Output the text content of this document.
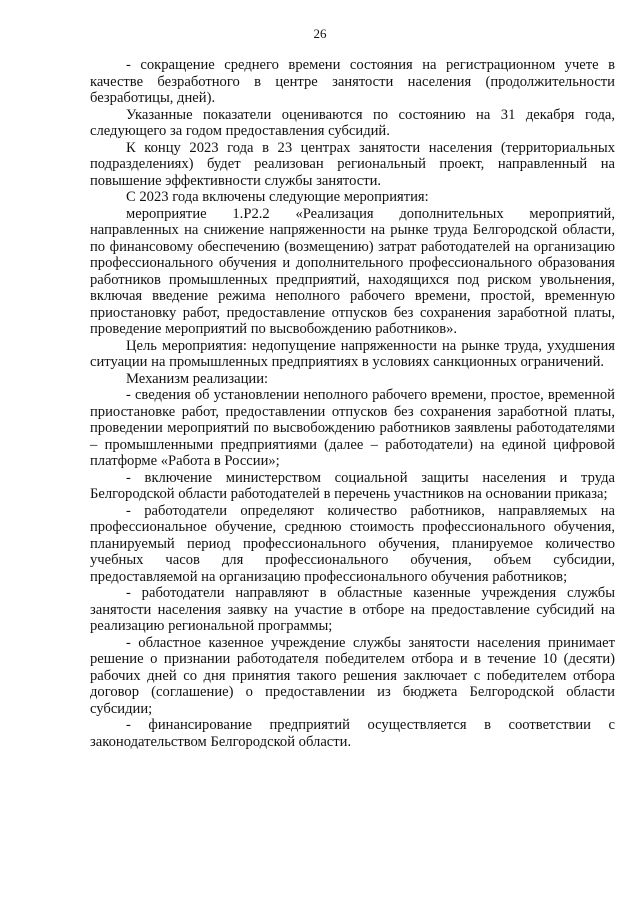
26

- сокращение среднего времени состояния на регистрационном учете в качестве безработного в центре занятости населения (продолжительности безработицы, дней).

Указанные показатели оцениваются по состоянию на 31 декабря года, следующего за годом предоставления субсидий.

К концу 2023 года в 23 центрах занятости населения (территориальных подразделениях) будет реализован региональный проект, направленный на повышение эффективности службы занятости.

С 2023 года включены следующие мероприятия:

мероприятие 1.Р2.2 «Реализация дополнительных мероприятий, направленных на снижение напряженности на рынке труда Белгородской области, по финансовому обеспечению (возмещению) затрат работодателей на организацию профессионального обучения и дополнительного профессионального образования работников промышленных предприятий, находящихся под риском увольнения, включая введение режима неполного рабочего времени, простой, временную приостановку работ, предоставление отпусков без сохранения заработной платы, проведение мероприятий по высвобождению работников».

Цель мероприятия: недопущение напряженности на рынке труда, ухудшения ситуации на промышленных предприятиях в условиях санкционных ограничений.

Механизм реализации:

- сведения об установлении неполного рабочего времени, простое, временной приостановке работ, предоставлении отпусков без сохранения заработной платы, проведении мероприятий по высвобождению работников заявлены работодателями – промышленными предприятиями (далее – работодатели) на единой цифровой платформе «Работа в России»;

- включение министерством социальной защиты населения и труда Белгородской области работодателей в перечень участников на основании приказа;

- работодатели определяют количество работников, направляемых на профессиональное обучение, среднюю стоимость профессионального обучения, планируемый период профессионального обучения, планируемое количество учебных часов для профессионального обучения, объем субсидии, предоставляемой на организацию профессионального обучения работников;

- работодатели направляют в областные казенные учреждения службы занятости населения заявку на участие в отборе на предоставление субсидий на реализацию региональной программы;

- областное казенное учреждение службы занятости населения принимает решение о признании работодателя победителем отбора и в течение 10 (десяти) рабочих дней со дня принятия такого решения заключает с победителем отбора договор (соглашение) о предоставлении из бюджета Белгородской области субсидии;

- финансирование предприятий осуществляется в соответствии с законодательством Белгородской области.
